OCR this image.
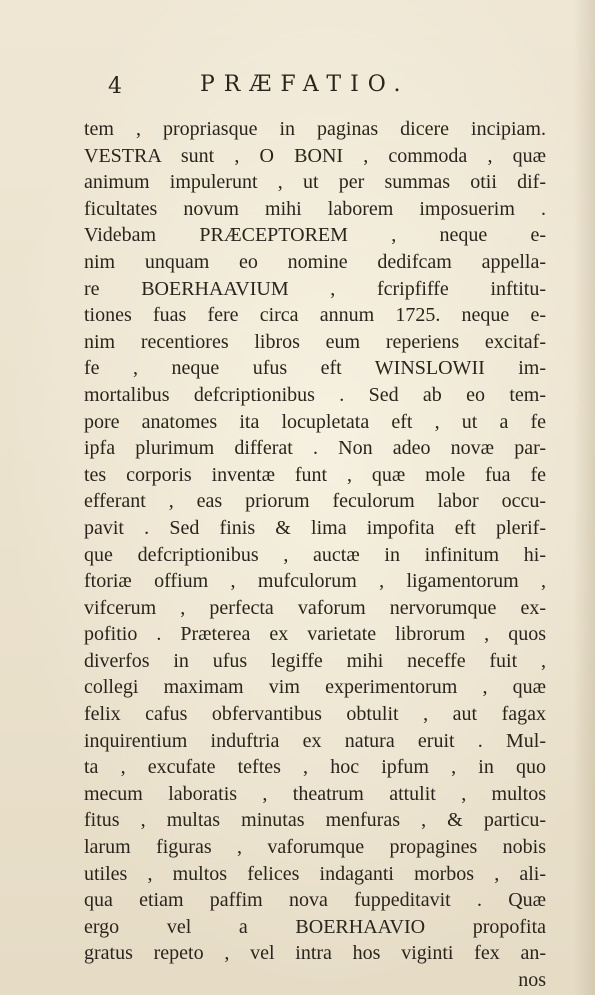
4	PRÆFATIO.
tem , propriasque in paginas dicere incipiam.
VESTRA sunt , O BONI , commoda , quæ
animum impulerunt , ut per summas otii dif-
ficultates novum mihi laborem imposuerim .
Videbam PRÆCEPTOREM , neque e-
nim unquam eo nomine dedifcam appella-
re BOERHAAVIUM , fcripfiffe inftitu-
tiones fuas fere circa annum 1725. neque e-
nim recentiores libros eum reperiens excitaf-
fe , neque ufus eft WINSLOWII im-
mortalibus defcriptionibus . Sed ab eo tem-
pore anatomes ita locupletata eft , ut a fe
ipfa plurimum differat . Non adeo novæ par-
tes corporis inventæ funt , quæ mole fua fe
efferant , eas priorum feculorum labor occu-
pavit . Sed finis & lima impofita eft plerif-
que defcriptionibus , auctæ in infinitum hi-
ftoriæ offium , mufculorum , ligamentorum ,
vifcerum , perfecta vaforum nervorumque ex-
pofitio . Præterea ex varietate librorum , quos
diverfos in ufus legiffe mihi neceffe fuit ,
collegi maximam vim experimentorum , quæ
felix cafus obfervantibus obtulit , aut fagax
inquirentium induftria ex natura eruit . Mul-
ta , excufate teftes , hoc ipfum , in quo
mecum laboratis , theatrum attulit , multos
fitus , multas minutas menfuras , & particu-
larum figuras , vaforumque propagines nobis
utiles , multos felices indaganti morbos , ali-
qua etiam paffim nova fuppeditavit . Quæ
ergo vel a BOERHAAVIO propofita
gratus repeto , vel intra hos viginti fex an-
nos
